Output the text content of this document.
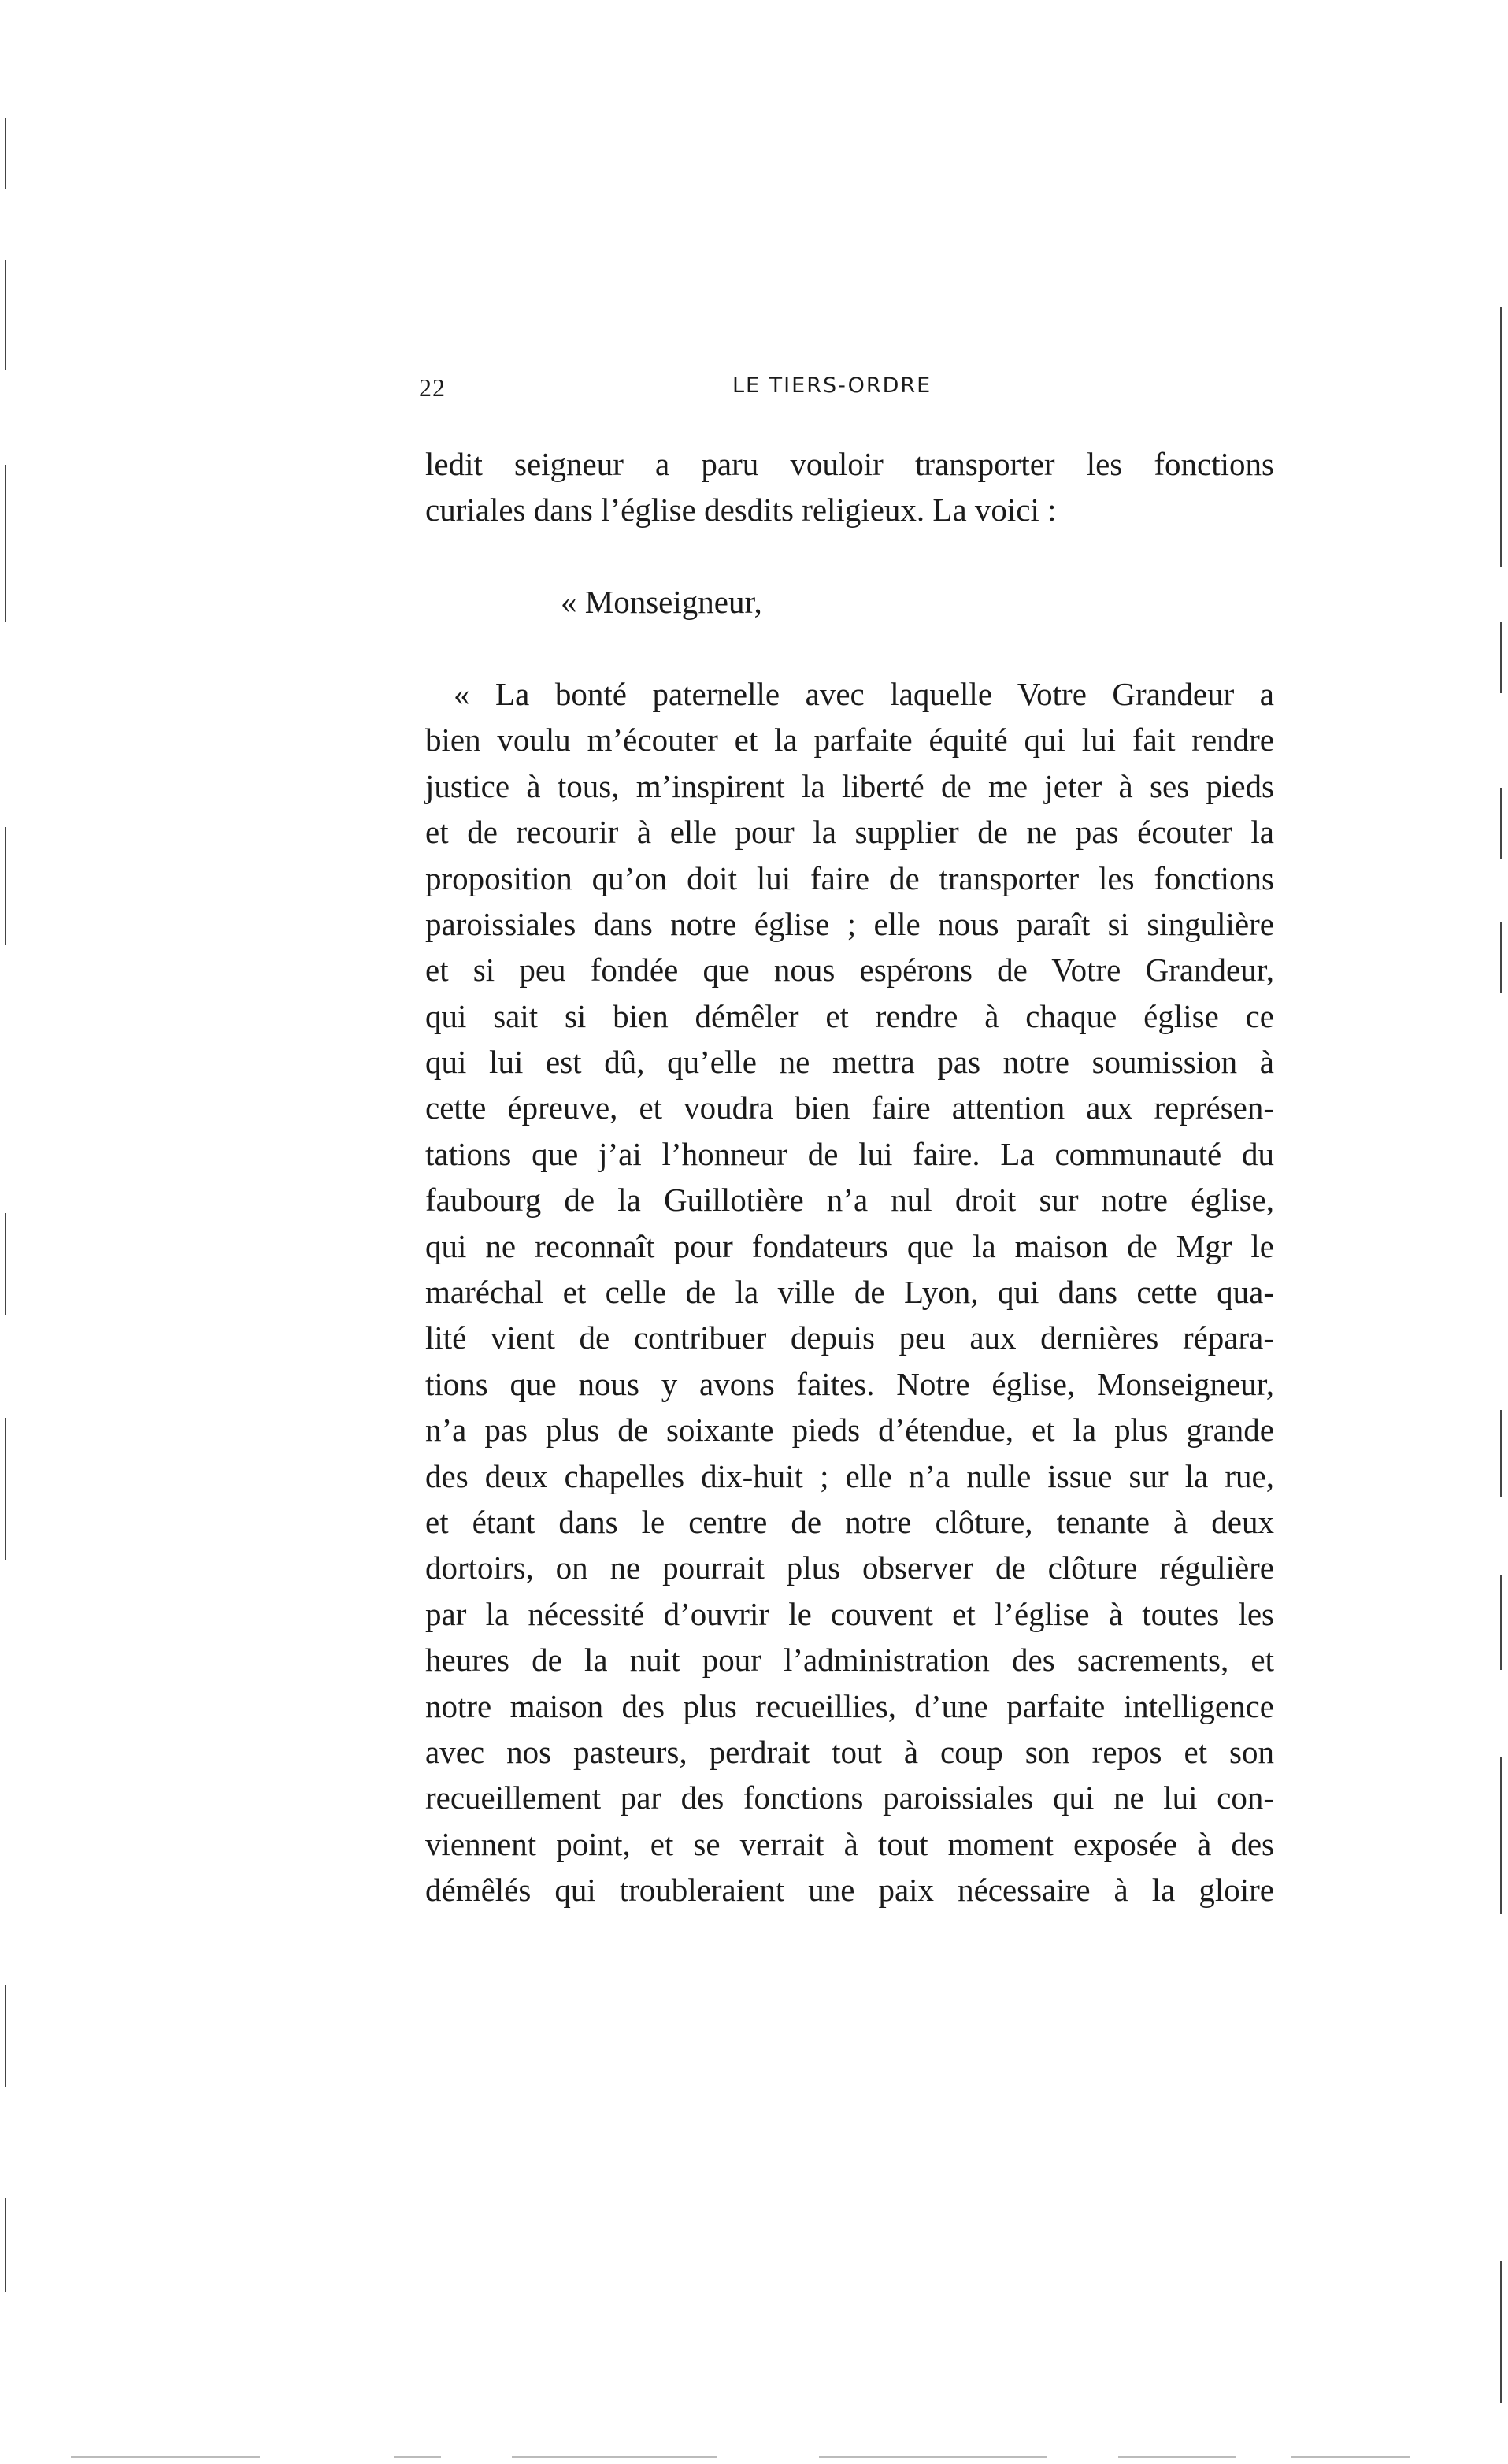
22	LE TIERS-ORDRE
ledit seigneur a paru vouloir transporter les fonctions
curiales dans l’église desdits religieux. La voici :
« Monseigneur,
« La bonté paternelle avec laquelle Votre Grandeur a
bien voulu m’écouter et la parfaite équité qui lui fait rendre
justice à tous, m’inspirent la liberté de me jeter à ses pieds
et de recourir à elle pour la supplier de ne pas écouter la
proposition qu’on doit lui faire de transporter les fonctions
paroissiales dans notre église ; elle nous paraît si singulière
et si peu fondée que nous espérons de Votre Grandeur,
qui sait si bien démêler et rendre à chaque église ce
qui lui est dû, qu’elle ne mettra pas notre soumission à
cette épreuve, et voudra bien faire attention aux représen-
tations que j’ai l’honneur de lui faire. La communauté du
faubourg de la Guillotière n’a nul droit sur notre église,
qui ne reconnaît pour fondateurs que la maison de Mgr le
maréchal et celle de la ville de Lyon, qui dans cette qua-
lité vient de contribuer depuis peu aux dernières répara-
tions que nous y avons faites. Notre église, Monseigneur,
n’a pas plus de soixante pieds d’étendue, et la plus grande
des deux chapelles dix-huit ; elle n’a nulle issue sur la rue,
et étant dans le centre de notre clôture, tenante à deux
dortoirs, on ne pourrait plus observer de clôture régulière
par la nécessité d’ouvrir le couvent et l’église à toutes les
heures de la nuit pour l’administration des sacrements, et
notre maison des plus recueillies, d’une parfaite intelligence
avec nos pasteurs, perdrait tout à coup son repos et son
recueillement par des fonctions paroissiales qui ne lui con-
viennent point, et se verrait à tout moment exposée à des
démêlés qui troubleraient une paix nécessaire à la gloire
